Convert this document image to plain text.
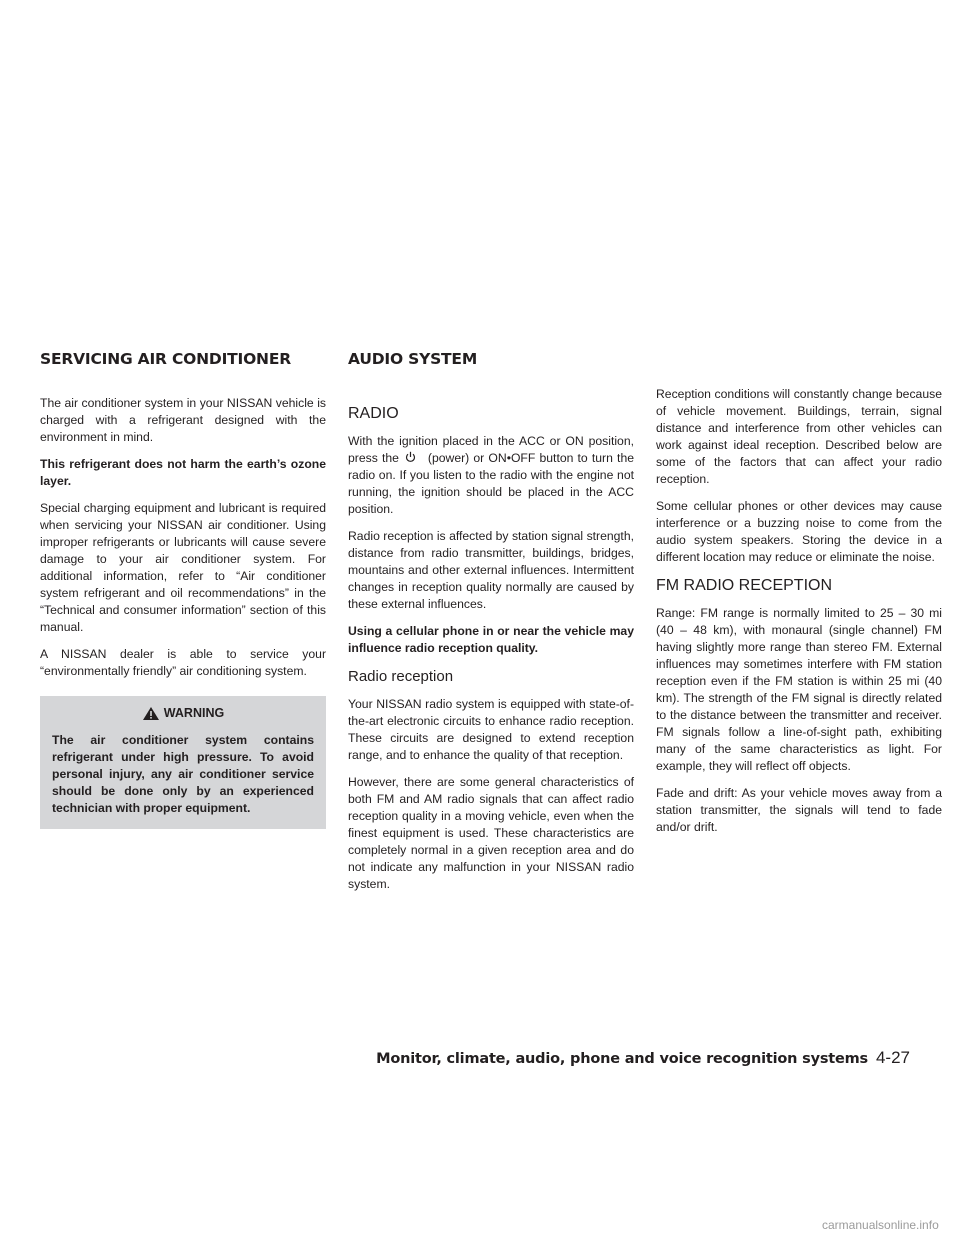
SERVICING AIR CONDITIONER	AUDIO SYSTEM

The air conditioner system in your NISSAN vehicle is charged with a refrigerant designed with the environment in mind.

This refrigerant does not harm the earth’s ozone layer.

Special charging equipment and lubricant is required when servicing your NISSAN air conditioner. Using improper refrigerants or lubricants will cause severe damage to your air conditioner system. For additional information, refer to “Air conditioner system refrigerant and oil recommendations” in the “Technical and consumer information” section of this manual.

A NISSAN dealer is able to service your “environmentally friendly” air conditioning system.

WARNING
The air conditioner system contains refrigerant under high pressure. To avoid personal injury, any air conditioner service should be done only by an experienced technician with proper equipment.
RADIO

With the ignition placed in the ACC or ON position, press the (power) or ON•OFF button to turn the radio on. If you listen to the radio with the engine not running, the ignition should be placed in the ACC position.

Radio reception is affected by station signal strength, distance from radio transmitter, buildings, bridges, mountains and other external influences. Intermittent changes in reception quality normally are caused by these external influences.

Using a cellular phone in or near the vehicle may influence radio reception quality.

Radio reception

Your NISSAN radio system is equipped with state-of-the-art electronic circuits to enhance radio reception. These circuits are designed to extend reception range, and to enhance the quality of that reception.

However, there are some general characteristics of both FM and AM radio signals that can affect radio reception quality in a moving vehicle, even when the finest equipment is used. These characteristics are completely normal in a given reception area and do not indicate any malfunction in your NISSAN radio system.

Reception conditions will constantly change because of vehicle movement. Buildings, terrain, signal distance and interference from other vehicles can work against ideal reception. Described below are some of the factors that can affect your radio reception.

Some cellular phones or other devices may cause interference or a buzzing noise to come from the audio system speakers. Storing the device in a different location may reduce or eliminate the noise.

FM RADIO RECEPTION

Range: FM range is normally limited to 25 – 30 mi (40 – 48 km), with monaural (single channel) FM having slightly more range than stereo FM. External influences may sometimes interfere with FM station reception even if the FM station is within 25 mi (40 km). The strength of the FM signal is directly related to the distance between the transmitter and receiver. FM signals follow a line-of-sight path, exhibiting many of the same characteristics as light. For example, they will reflect off objects.

Fade and drift: As your vehicle moves away from a station transmitter, the signals will tend to fade and/or drift.

Monitor, climate, audio, phone and voice recognition systems 4-27
carmanualsonline.info
